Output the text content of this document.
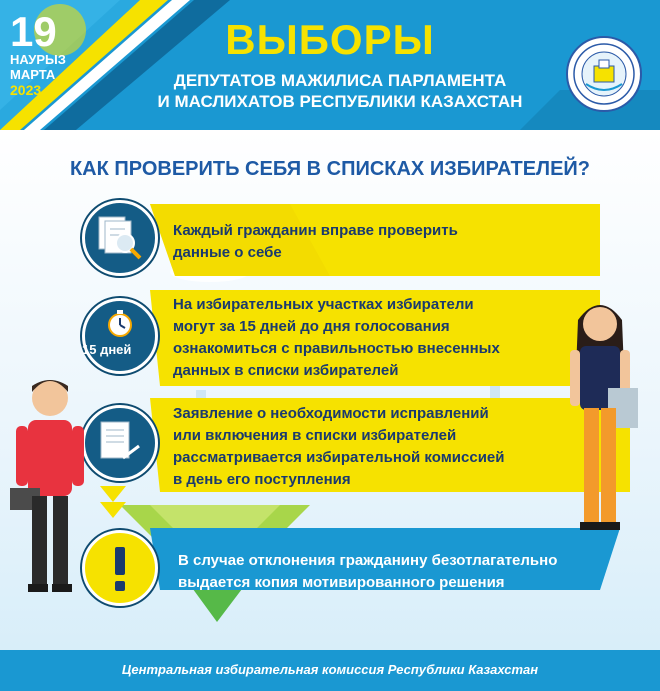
19
НАУРЫЗ
МАРТА
2023
ВЫБОРЫ
ДЕПУТАТОВ МАЖИЛИСА ПАРЛАМЕНТА
И МАСЛИХАТОВ РЕСПУБЛИКИ КАЗАХСТАН
КАК ПРОВЕРИТЬ СЕБЯ В СПИСКАХ ИЗБИРАТЕЛЕЙ?
Каждый гражданин вправе проверить
данные о себе
15 дней
На избирательных участках избиратели
могут за 15 дней до дня голосования
ознакомиться с правильностью внесенных
данных в списки избирателей
Заявление о необходимости исправлений
или включения в списки избирателей
рассматривается избирательной комиссией
в день его поступления
В случае отклонения гражданину безотлагательно
выдается копия мотивированного решения
Центральная избирательная комиссия Республики Казахстан
